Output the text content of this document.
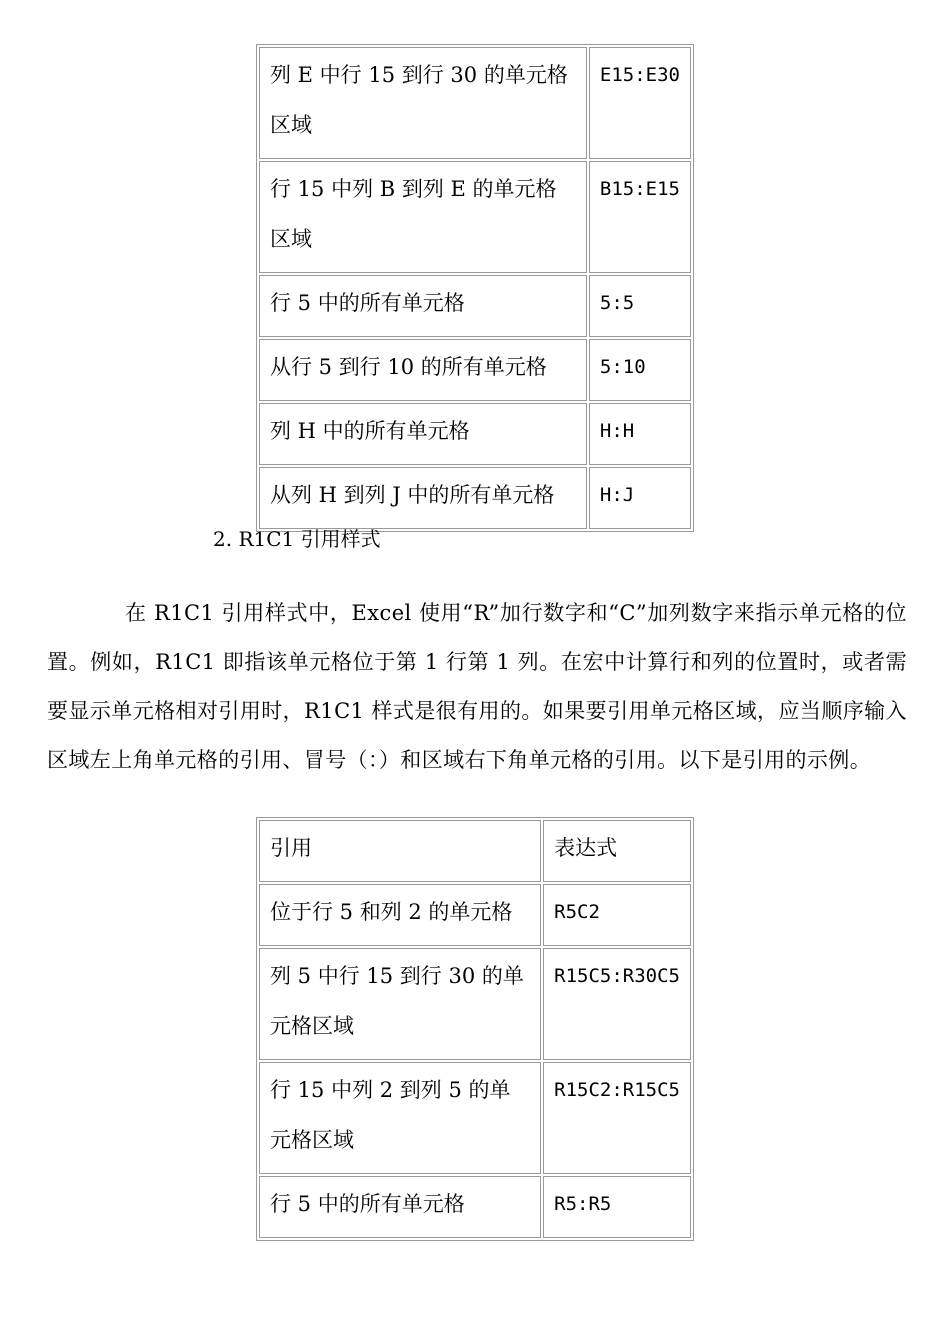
列 E 中行 15 到行 30 的单元格区域	E15:E30
行 15 中列 B 到列 E 的单元格区域	B15:E15
行 5 中的所有单元格	5:5
从行 5 到行 10 的所有单元格	5:10
列 H 中的所有单元格	H:H
从列 H 到列 J 中的所有单元格	H:J
2. R1C1 引用样式

在 R1C1 引用样式中，Excel 使用“R”加行数字和“C”加列数字来指示单元格的位置。例如，R1C1 即指该单元格位于第 1 行第 1 列。在宏中计算行和列的位置时，或者需要显示单元格相对引用时，R1C1 样式是很有用的。如果要引用单元格区域，应当顺序输入区域左上角单元格的引用、冒号（：）和区域右下角单元格的引用。以下是引用的示例。

引用	表达式
位于行 5 和列 2 的单元格	R5C2
列 5 中行 15 到行 30 的单元格区域	R15C5:R30C5
行 15 中列 2 到列 5 的单元格区域	R15C2:R15C5
行 5 中的所有单元格	R5:R5
